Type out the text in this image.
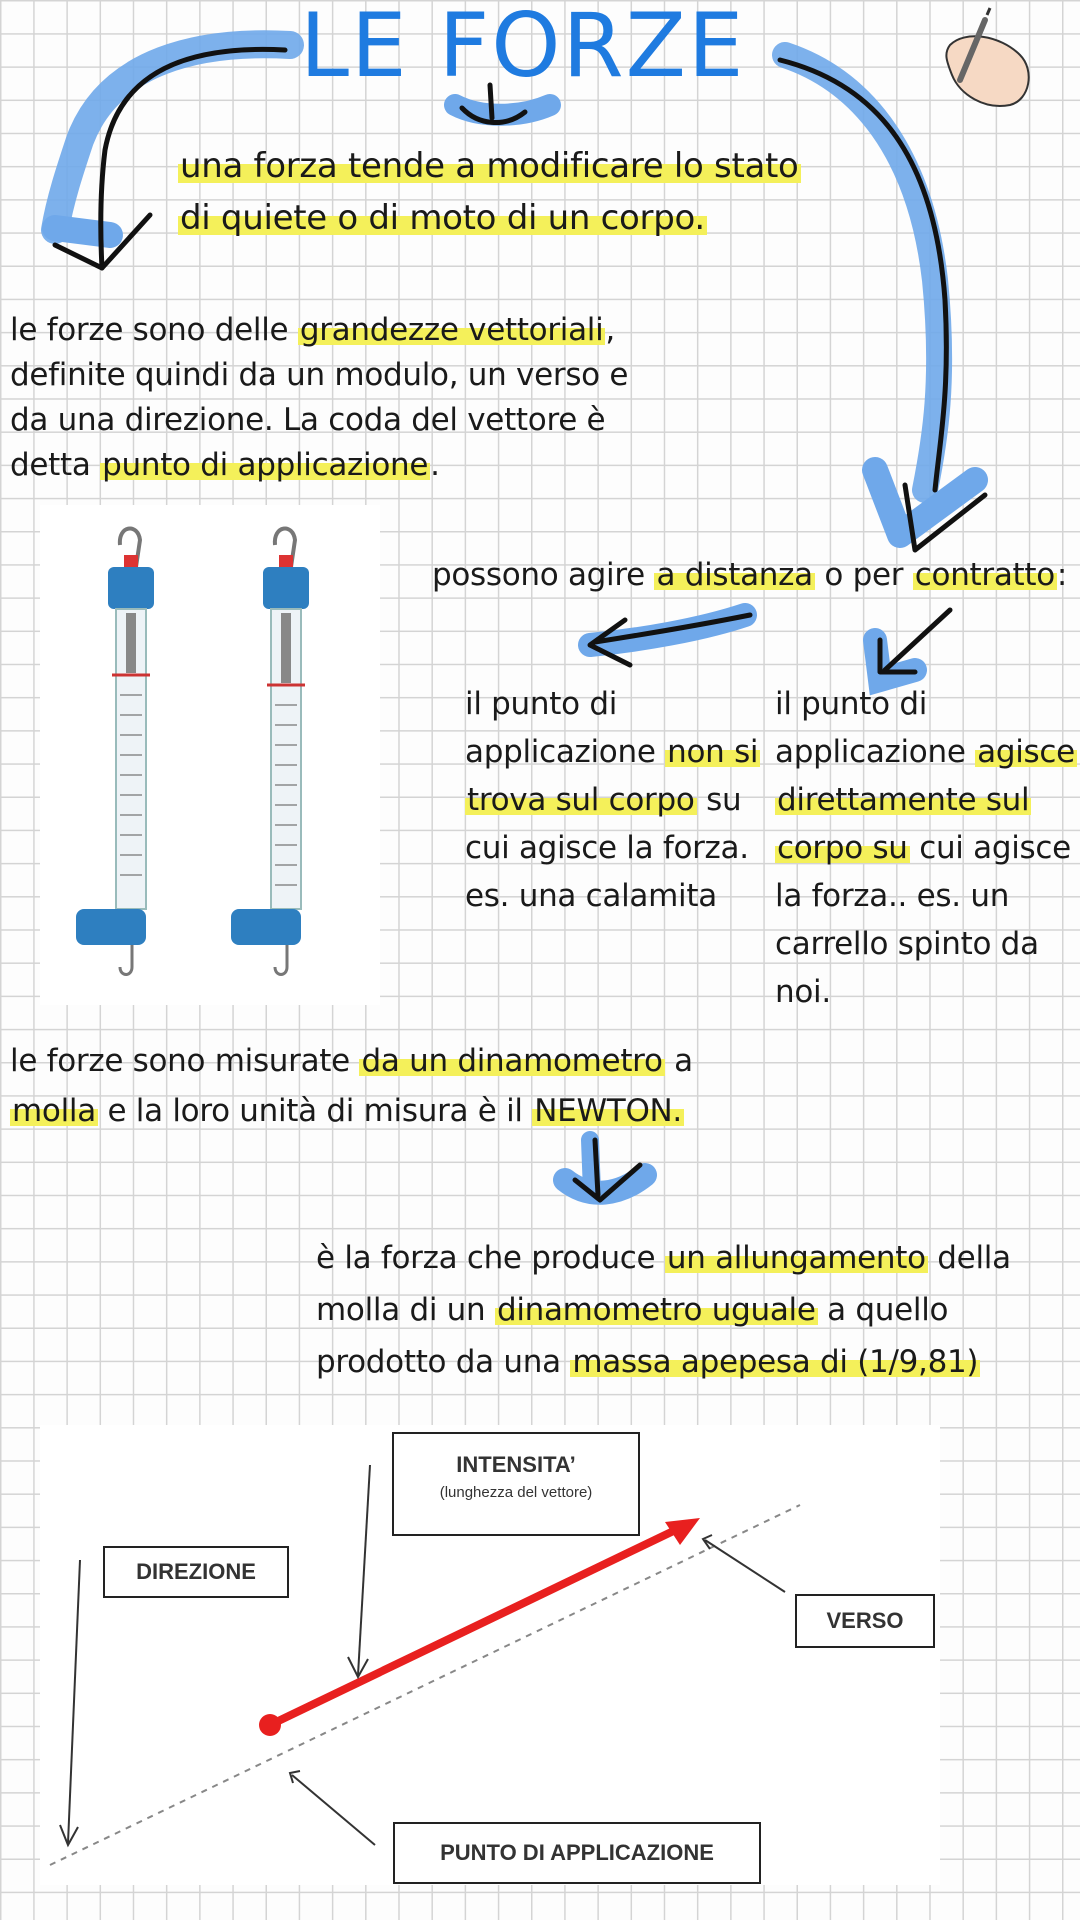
LE FORZE
una forza tende a modificare lo stato
di quiete o di moto di un corpo.
le forze sono delle grandezze vettoriali,
definite quindi da un modulo, un verso e
da una direzione. La coda del vettore è
detta punto di applicazione.
possono agire a distanza o per contratto:
il punto di
applicazione non si
trova sul corpo su
cui agisce la forza.
es. una calamita
il punto di
applicazione agisce
direttamente sul
corpo su cui agisce
la forza.. es. un
carrello spinto da
noi.
le forze sono misurate da un dinamometro a
molla e la loro unità di misura è il NEWTON.
è la forza che produce un allungamento della
molla di un dinamometro uguale a quello
prodotto da una massa apepesa di (1/9,81)
INTENSITA’
(lunghezza del vettore)
DIREZIONE
VERSO
PUNTO DI APPLICAZIONE
